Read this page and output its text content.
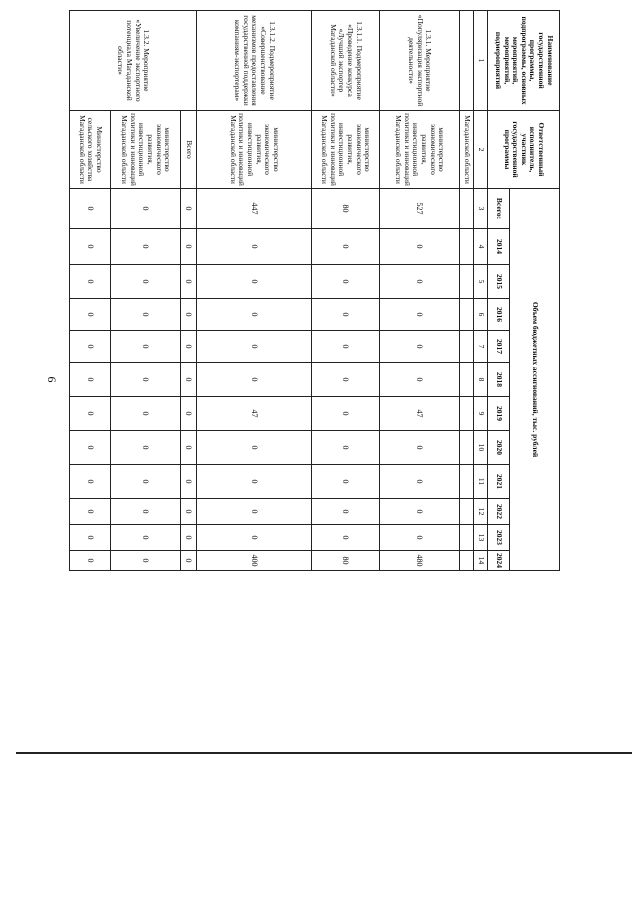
9
Наименование государственной программы, подпрограммы, основных мероприятий, мероприятий, подмероприятий	Ответственный исполнитель, участник государственной программы	Объем бюджетных ассигнований, тыс. рублей											
		Всего:	2014	2015	2016	2017	2018	2019	2020	2021	2022	2023	2024
1	2	3	4	5	6	7	8	9	10	11	12	13	14
	Магаданской области												
1.3.1. Мероприятие «Популяризация экспортной деятельности»	министерство экономического развития, инвестиционной политики и инноваций Магаданской области	527	0	0	0	0	0	47	0	0	0	0	480
1.3.1.1. Подмероприятие «Проведение конкурса «Лучший экспортер Магаданской области»	министерство экономического развития, инвестиционной политики и инноваций Магаданской области	80	0	0	0	0	0	0	0	0	0	0	80
1.3.1.2. Подмероприятие «Совершенствование механизмов предоставления государственной поддержки компаниям-экспортерам»	министерство экономического развития, инвестиционной политики и инноваций Магаданской области	447	0	0	0	0	0	47	0	0	0	0	400
1.3.2. Мероприятие «Увеличение экспортного потенциала Магаданской области»	Всего	0	0	0	0	0	0	0	0	0	0	0	0
	министерство экономического развития, инвестиционной политики и инноваций Магаданской области	0	0	0	0	0	0	0	0	0	0	0	0
	Министерство сельского хозяйства Магаданской области	0	0	0	0	0	0	0	0	0	0	0	0
